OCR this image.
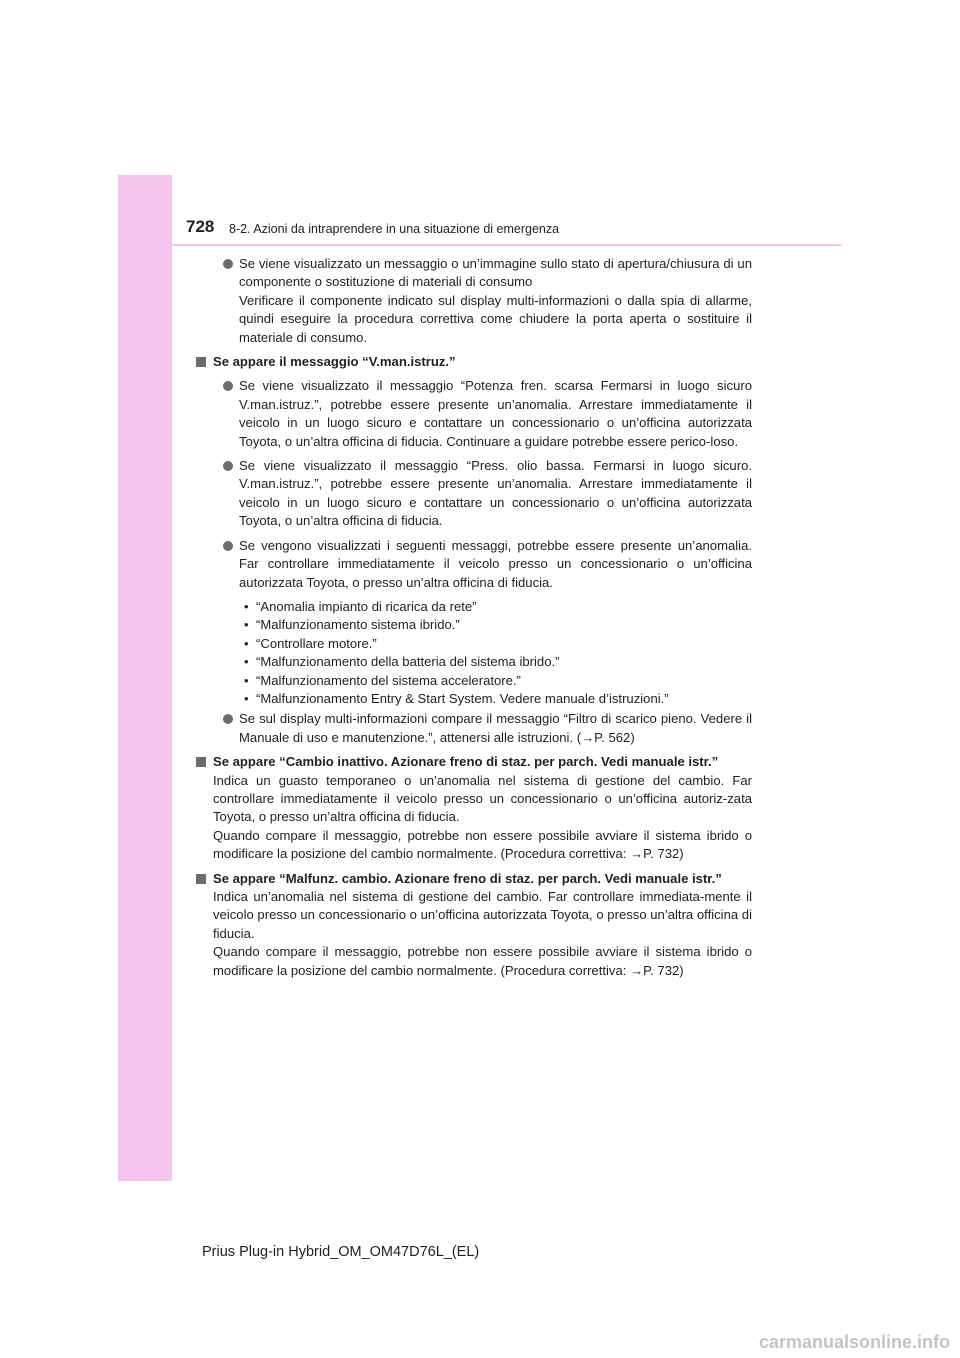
728 8-2. Azioni da intraprendere in una situazione di emergenza

Se viene visualizzato un messaggio o un’immagine sullo stato di apertura/chiusura di un componente o sostituzione di materiali di consumo

Verificare il componente indicato sul display multi-informazioni o dalla spia di allarme, quindi eseguire la procedura correttiva come chiudere la porta aperta o sostituire il materiale di consumo.

Se appare il messaggio “V.man.istruz.”

Se viene visualizzato il messaggio “Potenza fren. scarsa Fermarsi in luogo sicuro V.man.istruz.”, potrebbe essere presente un’anomalia. Arrestare immediatamente il veicolo in un luogo sicuro e contattare un concessionario o un’officina autorizzata Toyota, o un’altra officina di fiducia. Continuare a guidare potrebbe essere perico-loso.

Se viene visualizzato il messaggio “Press. olio bassa. Fermarsi in luogo sicuro. V.man.istruz.”, potrebbe essere presente un’anomalia. Arrestare immediatamente il veicolo in un luogo sicuro e contattare un concessionario o un’officina autorizzata Toyota, o un’altra officina di fiducia.

Se vengono visualizzati i seguenti messaggi, potrebbe essere presente un’anomalia. Far controllare immediatamente il veicolo presso un concessionario o un’officina autorizzata Toyota, o presso un’altra officina di fiducia.

• “Anomalia impianto di ricarica da rete”
• “Malfunzionamento sistema ibrido.”
• “Controllare motore.”
• “Malfunzionamento della batteria del sistema ibrido.”
• “Malfunzionamento del sistema acceleratore.”
• “Malfunzionamento Entry & Start System. Vedere manuale d’istruzioni.”

Se sul display multi-informazioni compare il messaggio “Filtro di scarico pieno. Vedere il Manuale di uso e manutenzione.”, attenersi alle istruzioni. (→P. 562)

Se appare “Cambio inattivo. Azionare freno di staz. per parch. Vedi manuale istr.”

Indica un guasto temporaneo o un’anomalia nel sistema di gestione del cambio. Far controllare immediatamente il veicolo presso un concessionario o un’officina autoriz-zata Toyota, o presso un’altra officina di fiducia.

Quando compare il messaggio, potrebbe non essere possibile avviare il sistema ibrido o modificare la posizione del cambio normalmente. (Procedura correttiva: →P. 732)

Se appare “Malfunz. cambio. Azionare freno di staz. per parch. Vedi manuale istr.”

Indica un’anomalia nel sistema di gestione del cambio. Far controllare immediata-mente il veicolo presso un concessionario o un’officina autorizzata Toyota, o presso un’altra officina di fiducia.

Quando compare il messaggio, potrebbe non essere possibile avviare il sistema ibrido o modificare la posizione del cambio normalmente. (Procedura correttiva: →P. 732)

Prius Plug-in Hybrid_OM_OM47D76L_(EL)
carmanualsonline.info
